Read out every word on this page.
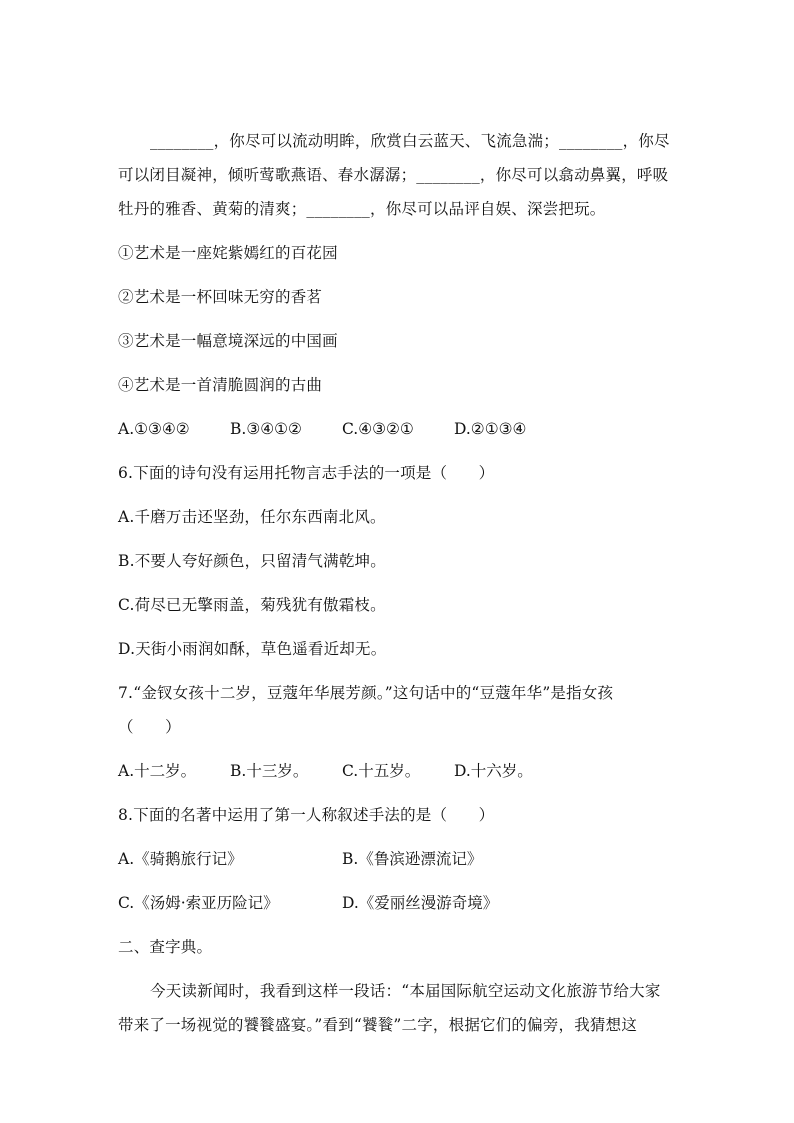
________，你尽可以流动明眸，欣赏白云蓝天、飞流急湍；________，你尽
可以闭目凝神，倾听莺歌燕语、春水潺潺；________，你尽可以翕动鼻翼，呼吸
牡丹的雅香、黄菊的清爽；________，你尽可以品评自娱、深尝把玩。
①艺术是一座姹紫嫣红的百花园
②艺术是一杯回味无穷的香茗
③艺术是一幅意境深远的中国画
④艺术是一首清脆圆润的古曲
A.①③④②	B.③④①②	C.④③②①	D.②①③④
6.下面的诗句没有运用托物言志手法的一项是（　　）
A.千磨万击还坚劲，任尔东西南北风。
B.不要人夸好颜色，只留清气满乾坤。
C.荷尽已无擎雨盖，菊残犹有傲霜枝。
D.天街小雨润如酥，草色遥看近却无。
7.“金钗女孩十二岁，豆蔻年华展芳颜。”这句话中的“豆蔻年华”是指女孩
（　　）
A.十二岁。 B.十三岁。 C.十五岁。 D.十六岁。
8.下面的名著中运用了第一人称叙述手法的是（　　）
A.《骑鹅旅行记》	B.《鲁滨逊漂流记》
C.《汤姆·索亚历险记》	D.《爱丽丝漫游奇境》
二、查字典。
今天读新闻时，我看到这样一段话：“本届国际航空运动文化旅游节给大家
带来了一场视觉的饕餮盛宴。”看到“饕餮”二字，根据它们的偏旁，我猜想这
